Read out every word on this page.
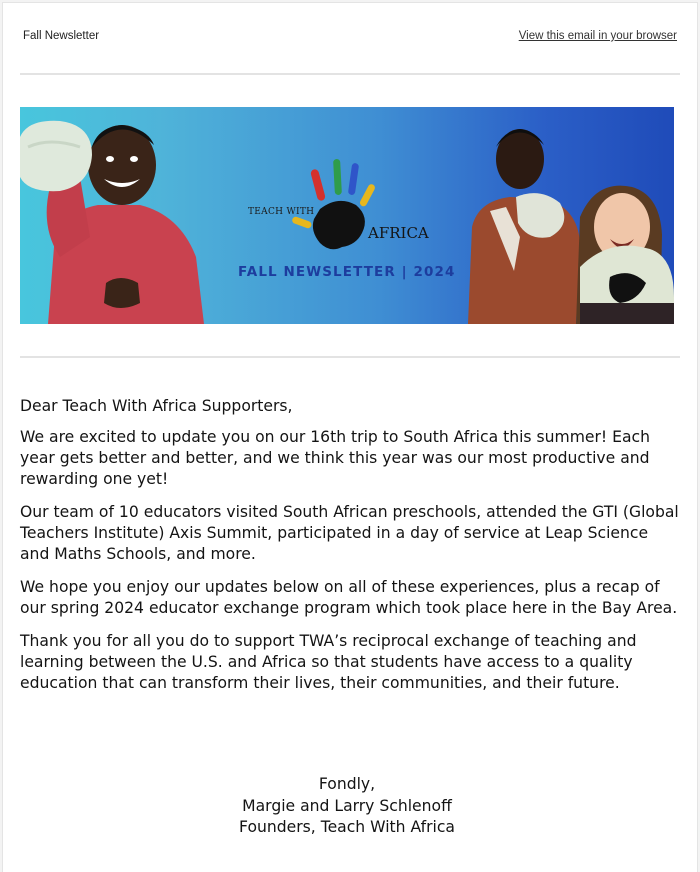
Fall Newsletter	View this email in your browser
TEACH WITH
AFRICA
FALL NEWSLETTER | 2024

Dear Teach With Africa Supporters,

We are excited to update you on our 16th trip to South Africa this summer! Each year gets better and better, and we think this year was our most productive and rewarding one yet!

Our team of 10 educators visited South African preschools, attended the GTI (Global Teachers Institute) Axis Summit, participated in a day of service at Leap Science and Maths Schools, and more.

We hope you enjoy our updates below on all of these experiences, plus a recap of our spring 2024 educator exchange program which took place here in the Bay Area.

Thank you for all you do to support TWA’s reciprocal exchange of teaching and learning between the U.S. and Africa so that students have access to a quality education that can transform their lives, their communities, and their future.

Fondly,
Margie and Larry Schlenoff
Founders, Teach With Africa
